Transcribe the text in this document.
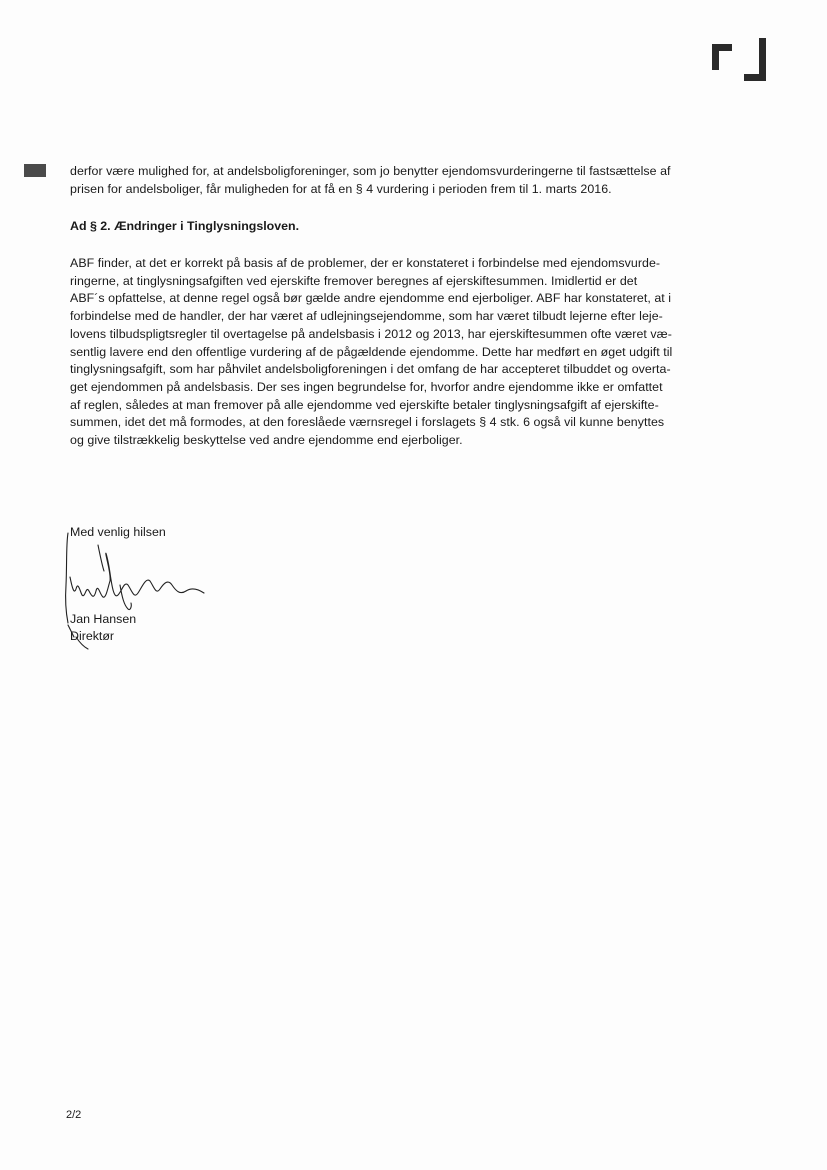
derfor være mulighed for, at andelsboligforeninger, som jo benytter ejendomsvurderingerne til fastsættelse af
prisen for andelsboliger, får muligheden for at få en § 4 vurdering i perioden frem til 1. marts 2016.
Ad § 2. Ændringer i Tinglysningsloven.
ABF finder, at det er korrekt på basis af de problemer, der er konstateret i forbindelse med ejendomsvurde-
ringerne, at tinglysningsafgiften ved ejerskifte fremover beregnes af ejerskiftesummen. Imidlertid er det
ABF´s opfattelse, at denne regel også bør gælde andre ejendomme end ejerboliger. ABF har konstateret, at i
forbindelse med de handler, der har været af udlejningsejendomme, som har været tilbudt lejerne efter leje-
lovens tilbudspligtsregler til overtagelse på andelsbasis i 2012 og 2013, har ejerskiftesummen ofte været væ-
sentlig lavere end den offentlige vurdering af de pågældende ejendomme. Dette har medført en øget udgift til
tinglysningsafgift, som har påhvilet andelsboligforeningen i det omfang de har accepteret tilbuddet og overta-
get ejendommen på andelsbasis. Der ses ingen begrundelse for, hvorfor andre ejendomme ikke er omfattet
af reglen, således at man fremover på alle ejendomme ved ejerskifte betaler tinglysningsafgift af ejerskifte-
summen, idet det må formodes, at den foreslåede værnsregel i forslagets § 4 stk. 6 også vil kunne benyttes
og give tilstrækkelig beskyttelse ved andre ejendomme end ejerboliger.
Med venlig hilsen
Jan Hansen
Direktør
2/2
